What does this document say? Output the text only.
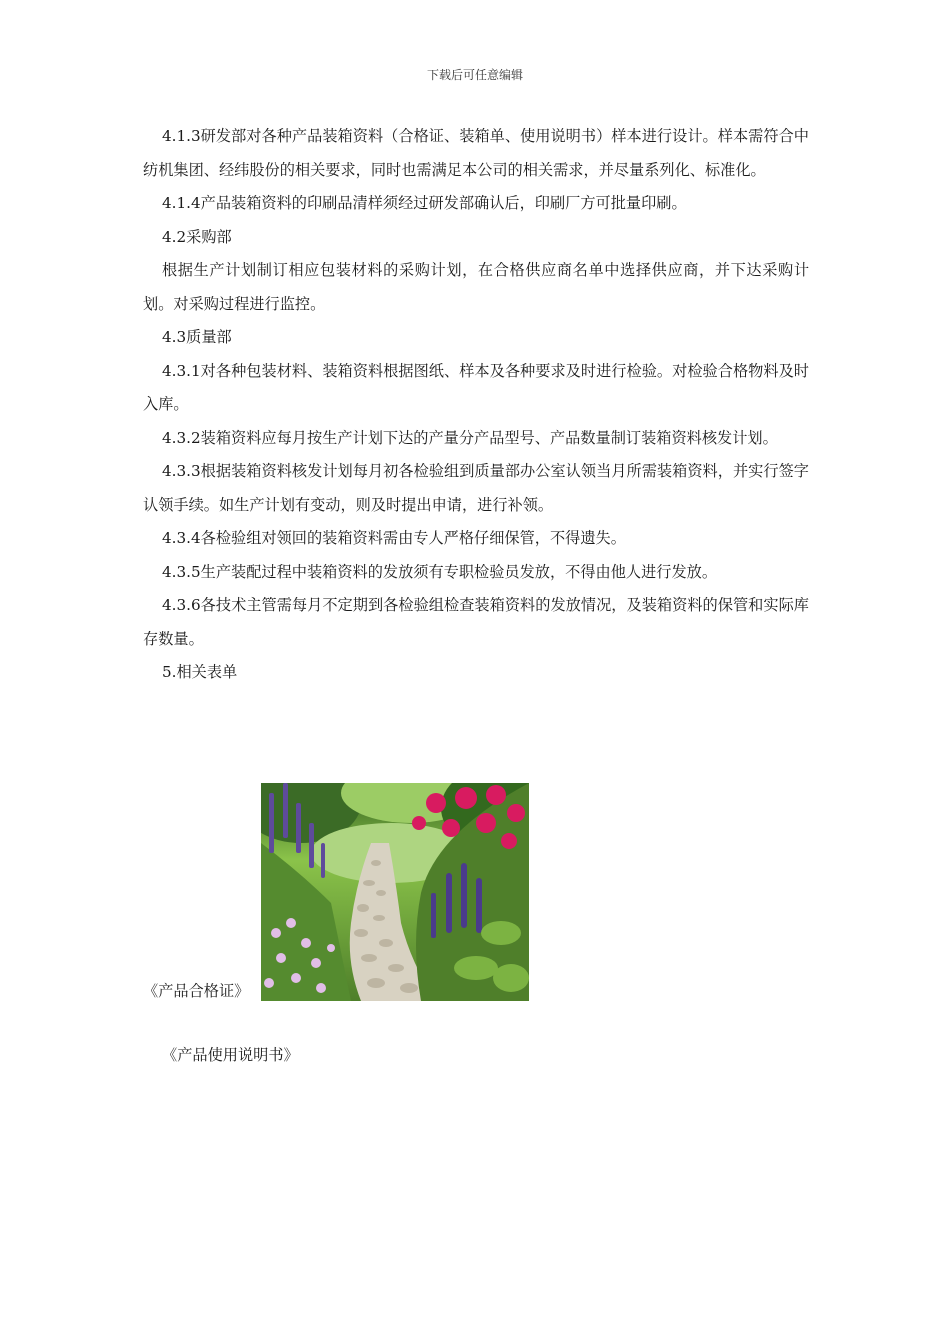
下载后可任意编辑

4.1.3研发部对各种产品装箱资料（合格证、装箱单、使用说明书）样本进行设计。样本需符合中纺机集团、经纬股份的相关要求，同时也需满足本公司的相关需求，并尽量系列化、标准化。

4.1.4产品装箱资料的印刷品清样须经过研发部确认后，印刷厂方可批量印刷。

4.2采购部

根据生产计划制订相应包装材料的采购计划，在合格供应商名单中选择供应商，并下达采购计划。对采购过程进行监控。

4.3质量部

4.3.1对各种包装材料、装箱资料根据图纸、样本及各种要求及时进行检验。对检验合格物料及时入库。

4.3.2装箱资料应每月按生产计划下达的产量分产品型号、产品数量制订装箱资料核发计划。

4.3.3根据装箱资料核发计划每月初各检验组到质量部办公室认领当月所需装箱资料，并实行签字认领手续。如生产计划有变动，则及时提出申请，进行补领。

4.3.4各检验组对领回的装箱资料需由专人严格仔细保管，不得遗失。

4.3.5生产装配过程中装箱资料的发放须有专职检验员发放，不得由他人进行发放。

4.3.6各技术主管需每月不定期到各检验组检查装箱资料的发放情况，及装箱资料的保管和实际库存数量。

5.相关表单

《产品合格证》
《产品使用说明书》
